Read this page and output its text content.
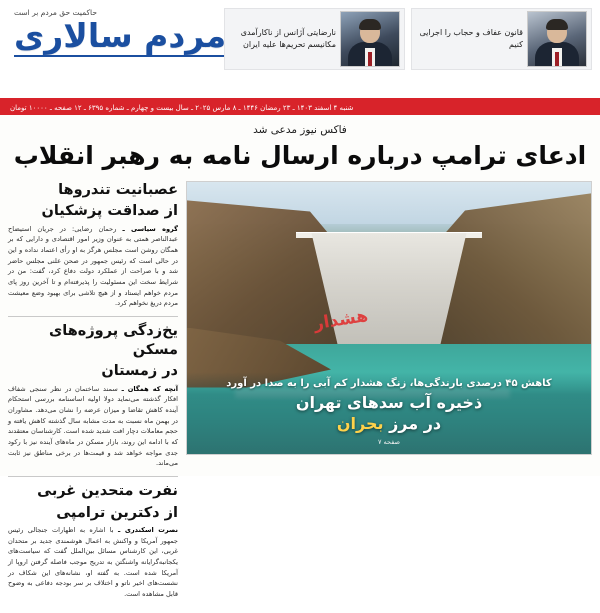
حاکمیت حق مردم بر است
مردم سالاری	نارضایتی آژانس از ناکارآمدی مکانیسم تحریم‌ها علیه ایران
قانون عفاف و حجاب را اجرایی کنیم
شنبه ۴ اسفند ۱۴۰۳ ـ ۲۳ رمضان ۱۴۴۶ ـ ۸ مارس ۲۰۲۵ ـ سال بیست و چهارم ـ شماره ۶۳۹۵ ـ ۱۲ صفحه ـ ۱۰۰۰۰ تومان
فاکس نیوز مدعی شد
ادعای ترامپ درباره ارسال نامه به رهبر انقلاب
عصبانیت تندروها
از صداقت پزشکیان
گروه سیاسی ـ رحمان رضایی: در جریان استیضاح عبدالناصر همتی به عنوان وزیر امور اقتصادی و دارایی که بر همگان روشن است مجلس هرگز به او رأی اعتماد نداده و این در حالی است که رئیس جمهور در صحن علنی مجلس حاضر شد و با صراحت از عملکرد دولت دفاع کرد، گفت: من در شرایط سخت این مسئولیت را پذیرفته‌ام و تا آخرین روز پای مردم خواهم ایستاد و از هیچ تلاشی برای بهبود وضع معیشت مردم دریغ نخواهم کرد.
یخ‌زدگی پروژه‌های مسکن
در زمستان
آنچه که همگان ـ سمند ساختمان در نظر سنجی شفاف افکار گذشته می‌نماید دولا اولیه اساسنامه بررسی استحکام آینده کاهش تقاضا و میزان عرضه را نشان می‌دهد. مشاوران در بهمن ماه نسبت به مدت مشابه سال گذشته کاهش یافته و حجم معاملات دچار افت شدید شده است. کارشناسان معتقدند که با ادامه این روند، بازار مسکن در ماه‌های آینده نیز با رکود جدی مواجه خواهد شد و قیمت‌ها در برخی مناطق نیز ثابت می‌ماند.
نفرت متحدین غربی
از دکترین ترامپی
نصرت اسکندری ـ با اشاره به اظهارات جنجالی رئیس جمهور آمریکا و واکنش به اعمال هوشمندی جدید بر متحدان غربی، این کارشناس مسائل بین‌الملل گفت که سیاست‌های یکجانبه‌گرایانه واشنگتن به تدریج موجب فاصله گرفتن اروپا از آمریکا شده است. به گفته او، نشانه‌های این شکاف در نشست‌های اخیر ناتو و اختلاف بر سر بودجه دفاعی به وضوح قابل مشاهده است.
هشدار
کاهش ۴۵ درصدی بارندگی‌ها، زنگ هشدار کم آبی را به صدا در آورد
ذخیره آب سدهای تهران
در مرز بحران
صفحه ۷
